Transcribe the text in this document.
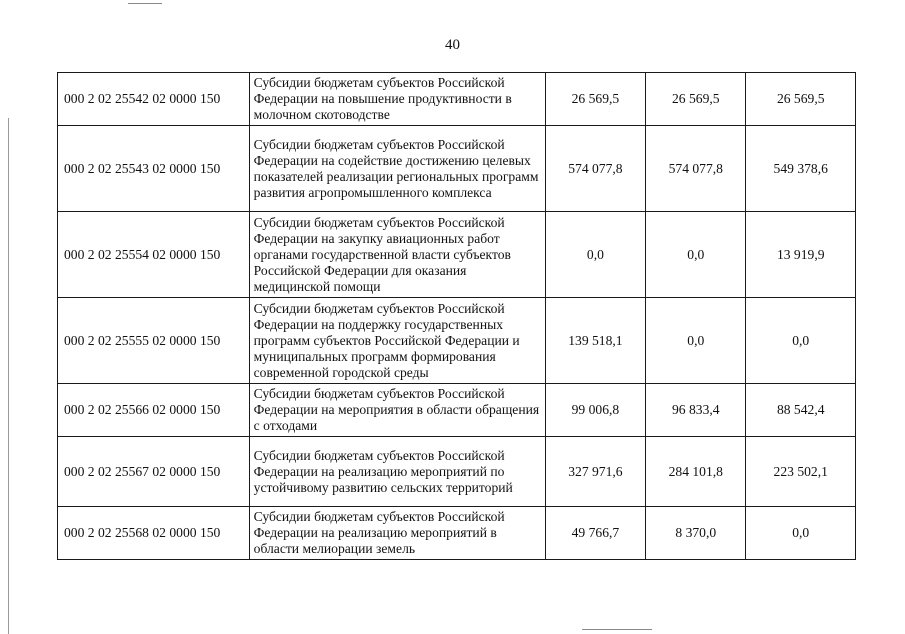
40
000 2 02 25542 02 0000 150	Субсидии бюджетам субъектов Российской Федерации на повышение продуктивности в молочном скотоводстве	26 569,5	26 569,5	26 569,5
000 2 02 25543 02 0000 150	Субсидии бюджетам субъектов Российской Федерации на содействие достижению целевых показателей реализации региональных программ развития агропромышленного комплекса	574 077,8	574 077,8	549 378,6
000 2 02 25554 02 0000 150	Субсидии бюджетам субъектов Российской Федерации на закупку авиационных работ органами государственной власти субъектов Российской Федерации для оказания медицинской помощи	0,0	0,0	13 919,9
000 2 02 25555 02 0000 150	Субсидии бюджетам субъектов Российской Федерации на поддержку государственных программ субъектов Российской Федерации и муниципальных программ формирования современной городской среды	139 518,1	0,0	0,0
000 2 02 25566 02 0000 150	Субсидии бюджетам субъектов Российской Федерации на мероприятия в области обращения с отходами	99 006,8	96 833,4	88 542,4
000 2 02 25567 02 0000 150	Субсидии бюджетам субъектов Российской Федерации на реализацию мероприятий по устойчивому развитию сельских территорий	327 971,6	284 101,8	223 502,1
000 2 02 25568 02 0000 150	Субсидии бюджетам субъектов Российской Федерации на реализацию мероприятий в области мелиорации земель	49 766,7	8 370,0	0,0
